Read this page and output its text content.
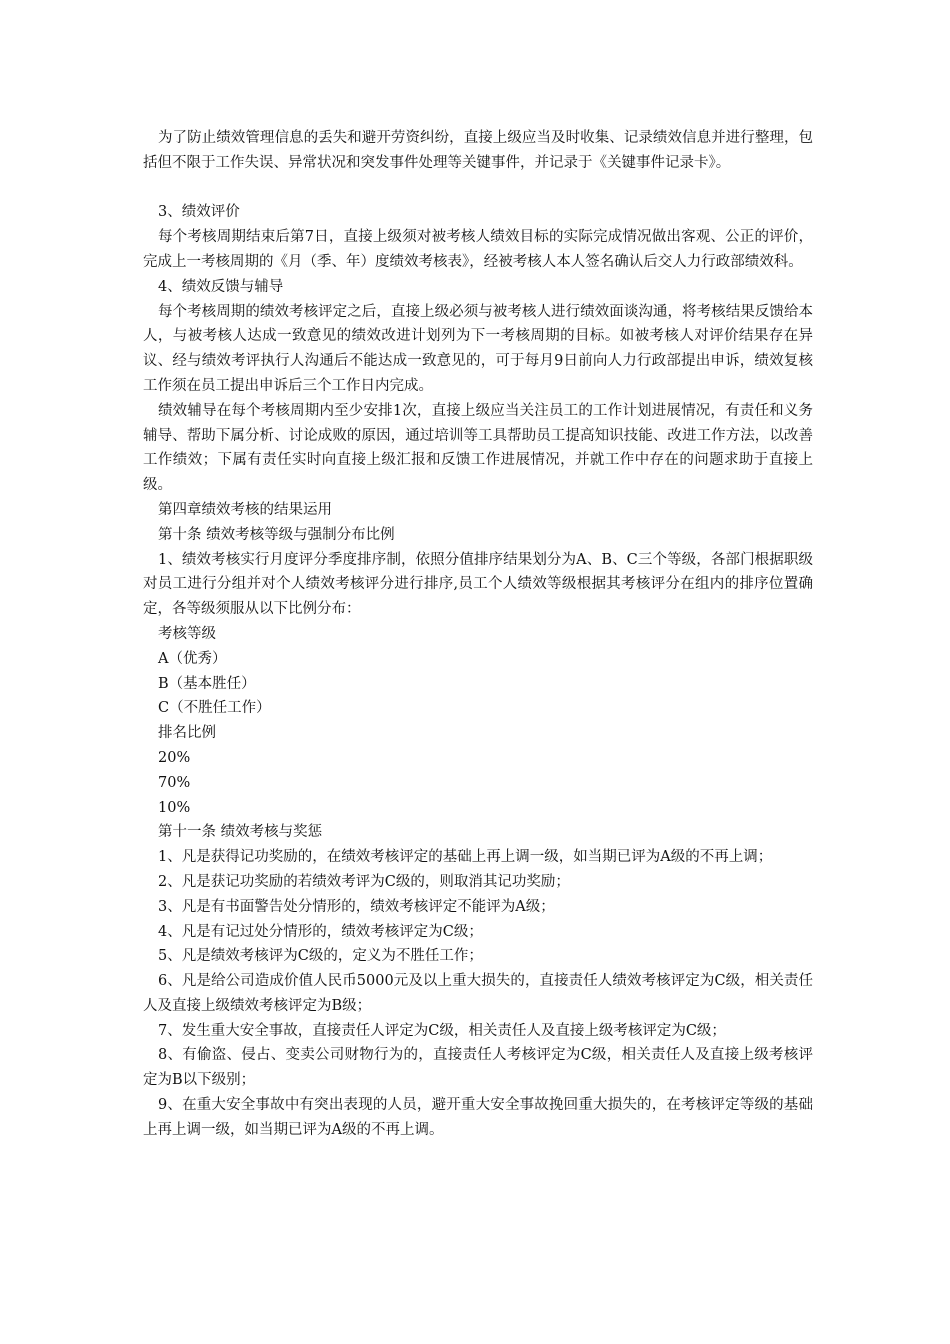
为了防止绩效管理信息的丢失和避开劳资纠纷，直接上级应当及时收集、记录绩效信息并进行整理，包括但不限于工作失误、异常状况和突发事件处理等关键事件，并记录于《关键事件记录卡》。

3、绩效评价

每个考核周期结束后第7日，直接上级须对被考核人绩效目标的实际完成情况做出客观、公正的评价，完成上一考核周期的《月（季、年）度绩效考核表》，经被考核人本人签名确认后交人力行政部绩效科。

4、绩效反馈与辅导

每个考核周期的绩效考核评定之后，直接上级必须与被考核人进行绩效面谈沟通，将考核结果反馈给本人，与被考核人达成一致意见的绩效改进计划列为下一考核周期的目标。如被考核人对评价结果存在异议、经与绩效考评执行人沟通后不能达成一致意见的，可于每月9日前向人力行政部提出申诉，绩效复核工作须在员工提出申诉后三个工作日内完成。

绩效辅导在每个考核周期内至少安排1次，直接上级应当关注员工的工作计划进展情况，有责任和义务辅导、帮助下属分析、讨论成败的原因，通过培训等工具帮助员工提高知识技能、改进工作方法，以改善工作绩效；下属有责任实时向直接上级汇报和反馈工作进展情况，并就工作中存在的问题求助于直接上级。

第四章绩效考核的结果运用

第十条 绩效考核等级与强制分布比例

1、绩效考核实行月度评分季度排序制，依照分值排序结果划分为A、B、C三个等级，各部门根据职级对员工进行分组并对个人绩效考核评分进行排序,员工个人绩效等级根据其考核评分在组内的排序位置确定，各等级须服从以下比例分布：

考核等级

A（优秀）

B（基本胜任）

C（不胜任工作）

排名比例

20%

70%

10%

第十一条 绩效考核与奖惩

1、凡是获得记功奖励的，在绩效考核评定的基础上再上调一级，如当期已评为A级的不再上调；

2、凡是获记功奖励的若绩效考评为C级的，则取消其记功奖励；

3、凡是有书面警告处分情形的，绩效考核评定不能评为A级；

4、凡是有记过处分情形的，绩效考核评定为C级；

5、凡是绩效考核评为C级的，定义为不胜任工作；

6、凡是给公司造成价值人民币5000元及以上重大损失的，直接责任人绩效考核评定为C级，相关责任人及直接上级绩效考核评定为B级；

7、发生重大安全事故，直接责任人评定为C级，相关责任人及直接上级考核评定为C级；

8、有偷盗、侵占、变卖公司财物行为的，直接责任人考核评定为C级，相关责任人及直接上级考核评定为B以下级别；

9、在重大安全事故中有突出表现的人员，避开重大安全事故挽回重大损失的，在考核评定等级的基础上再上调一级，如当期已评为A级的不再上调。
